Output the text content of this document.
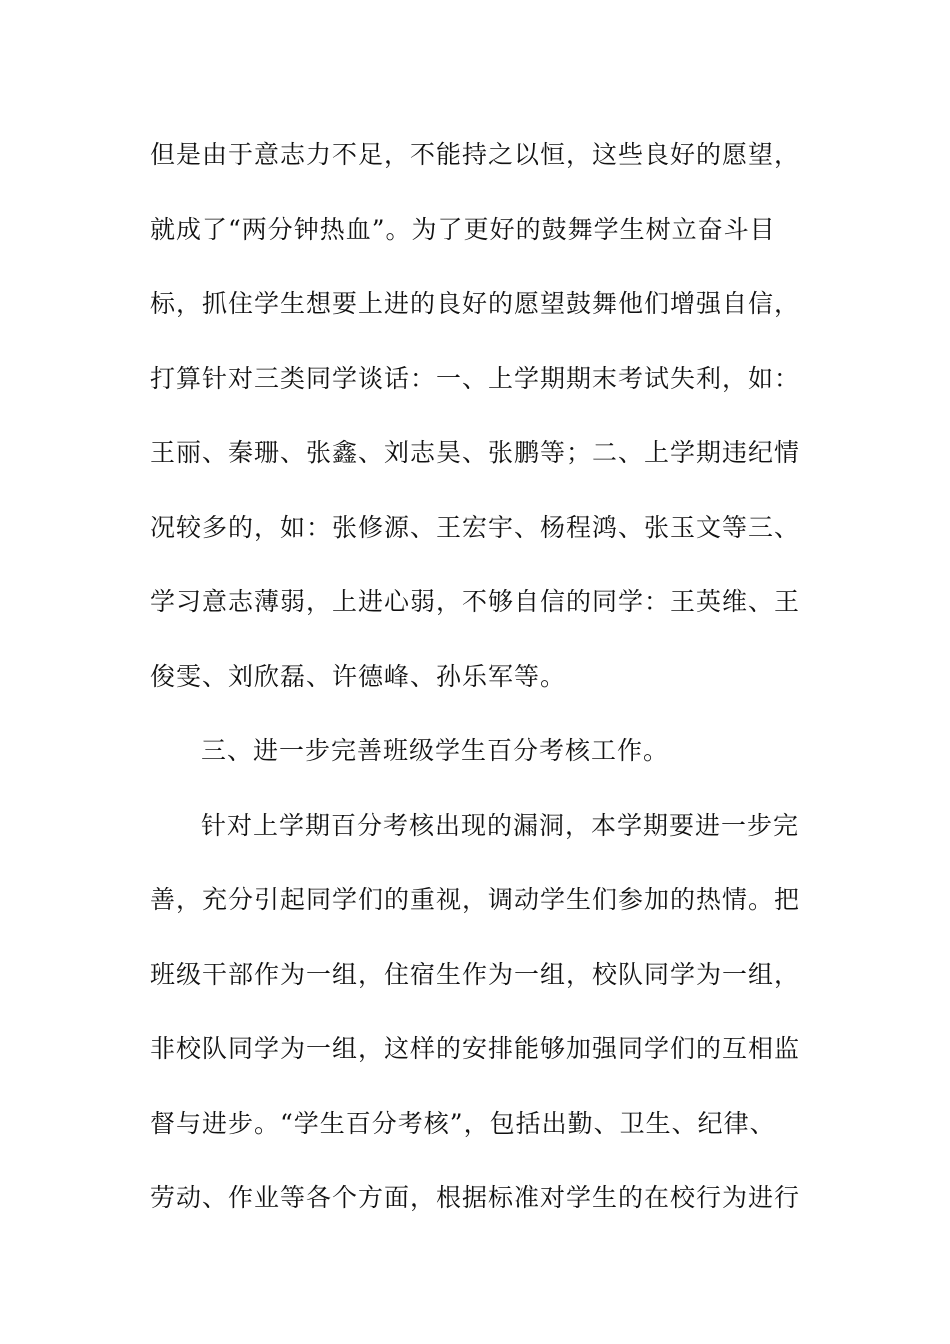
但是由于意志力不足，不能持之以恒，这些良好的愿望，
就成了“两分钟热血”。为了更好的鼓舞学生树立奋斗目
标，抓住学生想要上进的良好的愿望鼓舞他们增强自信，
打算针对三类同学谈话：一、上学期期末考试失利，如：
王丽、秦珊、张鑫、刘志昊、张鹏等；二、上学期违纪情
况较多的，如：张修源、王宏宇、杨程鸿、张玉文等三、
学习意志薄弱，上进心弱，不够自信的同学：王英维、王
俊雯、刘欣磊、许德峰、孙乐军等。
三、进一步完善班级学生百分考核工作。
针对上学期百分考核出现的漏洞，本学期要进一步完
善，充分引起同学们的重视，调动学生们参加的热情。把
班级干部作为一组，住宿生作为一组，校队同学为一组，
非校队同学为一组，这样的安排能够加强同学们的互相监
督与进步。“学生百分考核”，包括出勤、卫生、纪律、
劳动、作业等各个方面，根据标准对学生的在校行为进行
